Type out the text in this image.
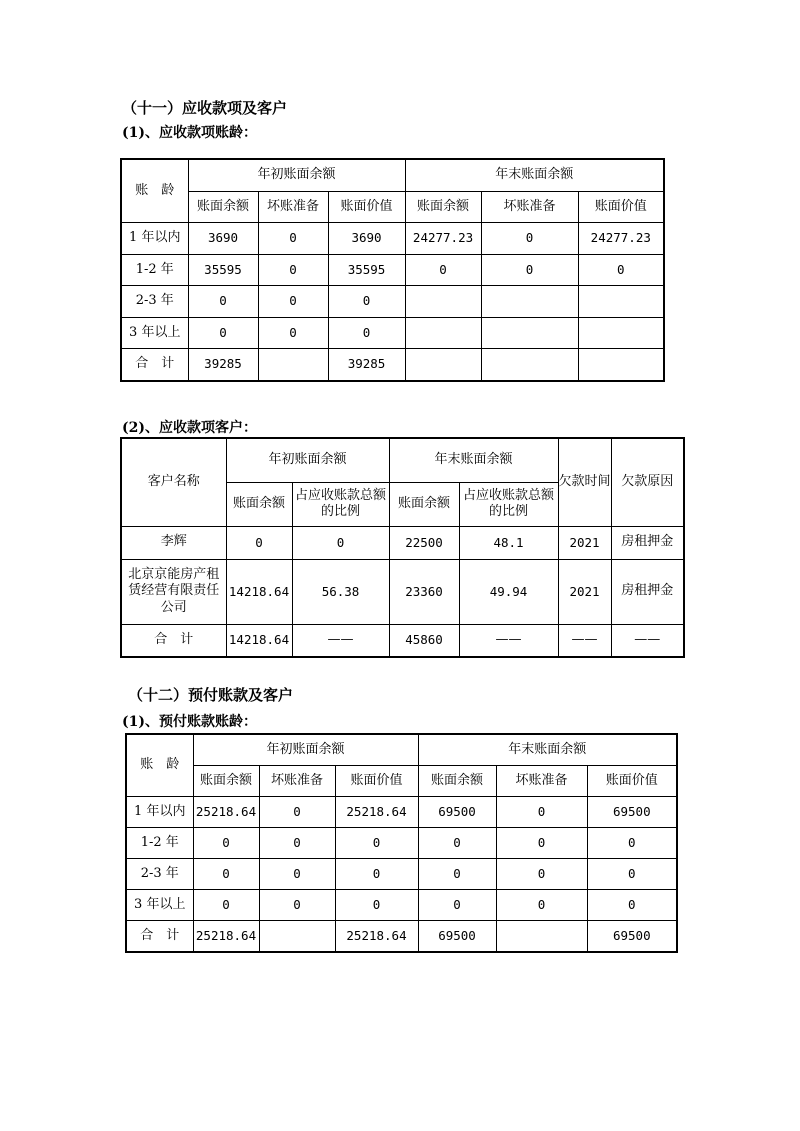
（十一）应收款项及客户
(1)、应收款项账龄：
账　龄	年初账面余额			年末账面余额		
	账面余额	坏账准备	账面价值	账面余额	坏账准备	账面价值
1 年以内	3690	0	3690	24277.23	0	24277.23
1-2 年	35595	0	35595	0	0	0
2-3 年	0	0	0			
3 年以上	0	0	0			
合　计	39285		39285			
(2)、应收款项客户：
客户名称	年初账面余额		年末账面余额		欠款时间	欠款原因
	账面余额	占应收账款总额的比例	账面余额	占应收账款总额的比例		
李辉	0	0	22500	48.1	2021	房租押金
北京京能房产租赁经营有限责任公司	14218.64	56.38	23360	49.94	2021	房租押金
合　计	14218.64	——	45860	——	——	——
（十二）预付账款及客户
(1)、预付账款账龄：
账　龄	年初账面余额			年末账面余额		
	账面余额	坏账准备	账面价值	账面余额	坏账准备	账面价值
1 年以内	25218.64	0	25218.64	69500	0	69500
1-2 年	0	0	0	0	0	0
2-3 年	0	0	0	0	0	0
3 年以上	0	0	0	0	0	0
合　计	25218.64		25218.64	69500		69500
